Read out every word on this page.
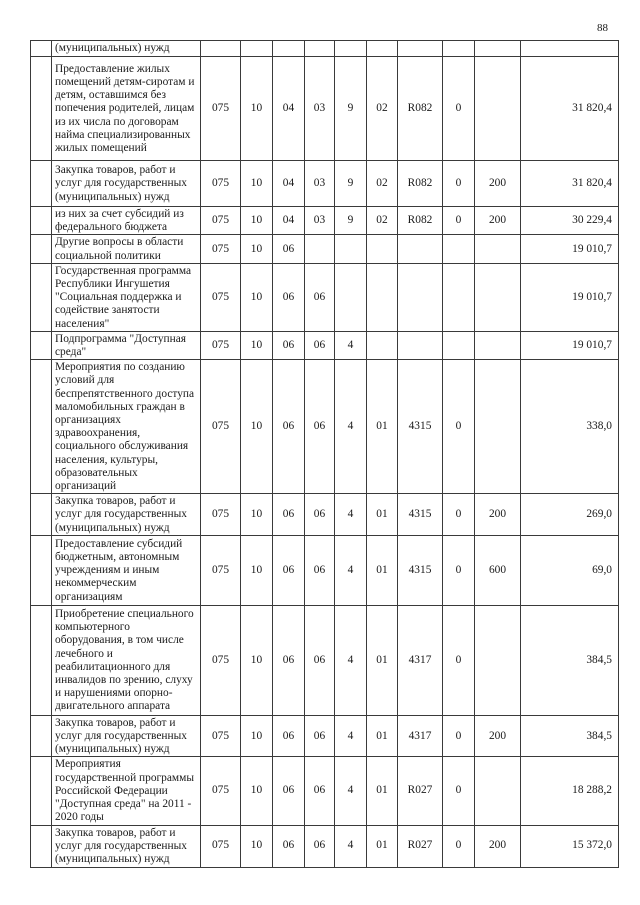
88
	(муниципальных) нужд										
	Предоставление жилых помещений детям-сиротам и детям, оставшимся без попечения родителей, лицам из их числа по договорам найма специализированных жилых помещений	075	10	04	03	9	02	R082	0		31 820,4
	Закупка товаров, работ и услуг для государственных (муниципальных) нужд	075	10	04	03	9	02	R082	0	200	31 820,4
	из них за счет субсидий из федерального бюджета	075	10	04	03	9	02	R082	0	200	30 229,4
	Другие вопросы в области социальной политики	075	10	06							19 010,7
	Государственная программа Республики Ингушетия "Социальная поддержка и содействие занятости населения"	075	10	06	06						19 010,7
	Подпрограмма "Доступная среда"	075	10	06	06	4					19 010,7
	Мероприятия по созданию условий для беспрепятственного доступа маломобильных граждан в организациях здравоохранения, социального обслуживания населения, культуры, образовательных организаций	075	10	06	06	4	01	4315	0		338,0
	Закупка товаров, работ и услуг для государственных (муниципальных) нужд	075	10	06	06	4	01	4315	0	200	269,0
	Предоставление субсидий бюджетным, автономным учреждениям и иным некоммерческим организациям	075	10	06	06	4	01	4315	0	600	69,0
	Приобретение специального компьютерного оборудования, в том числе лечебного и реабилитационного для инвалидов по зрению, слуху и нарушениями опорно-двигательного аппарата	075	10	06	06	4	01	4317	0		384,5
	Закупка товаров, работ и услуг для государственных (муниципальных) нужд	075	10	06	06	4	01	4317	0	200	384,5
	Мероприятия государственной программы Российской Федерации "Доступная среда" на 2011 - 2020 годы	075	10	06	06	4	01	R027	0		18 288,2
	Закупка товаров, работ и услуг для государственных (муниципальных) нужд	075	10	06	06	4	01	R027	0	200	15 372,0
